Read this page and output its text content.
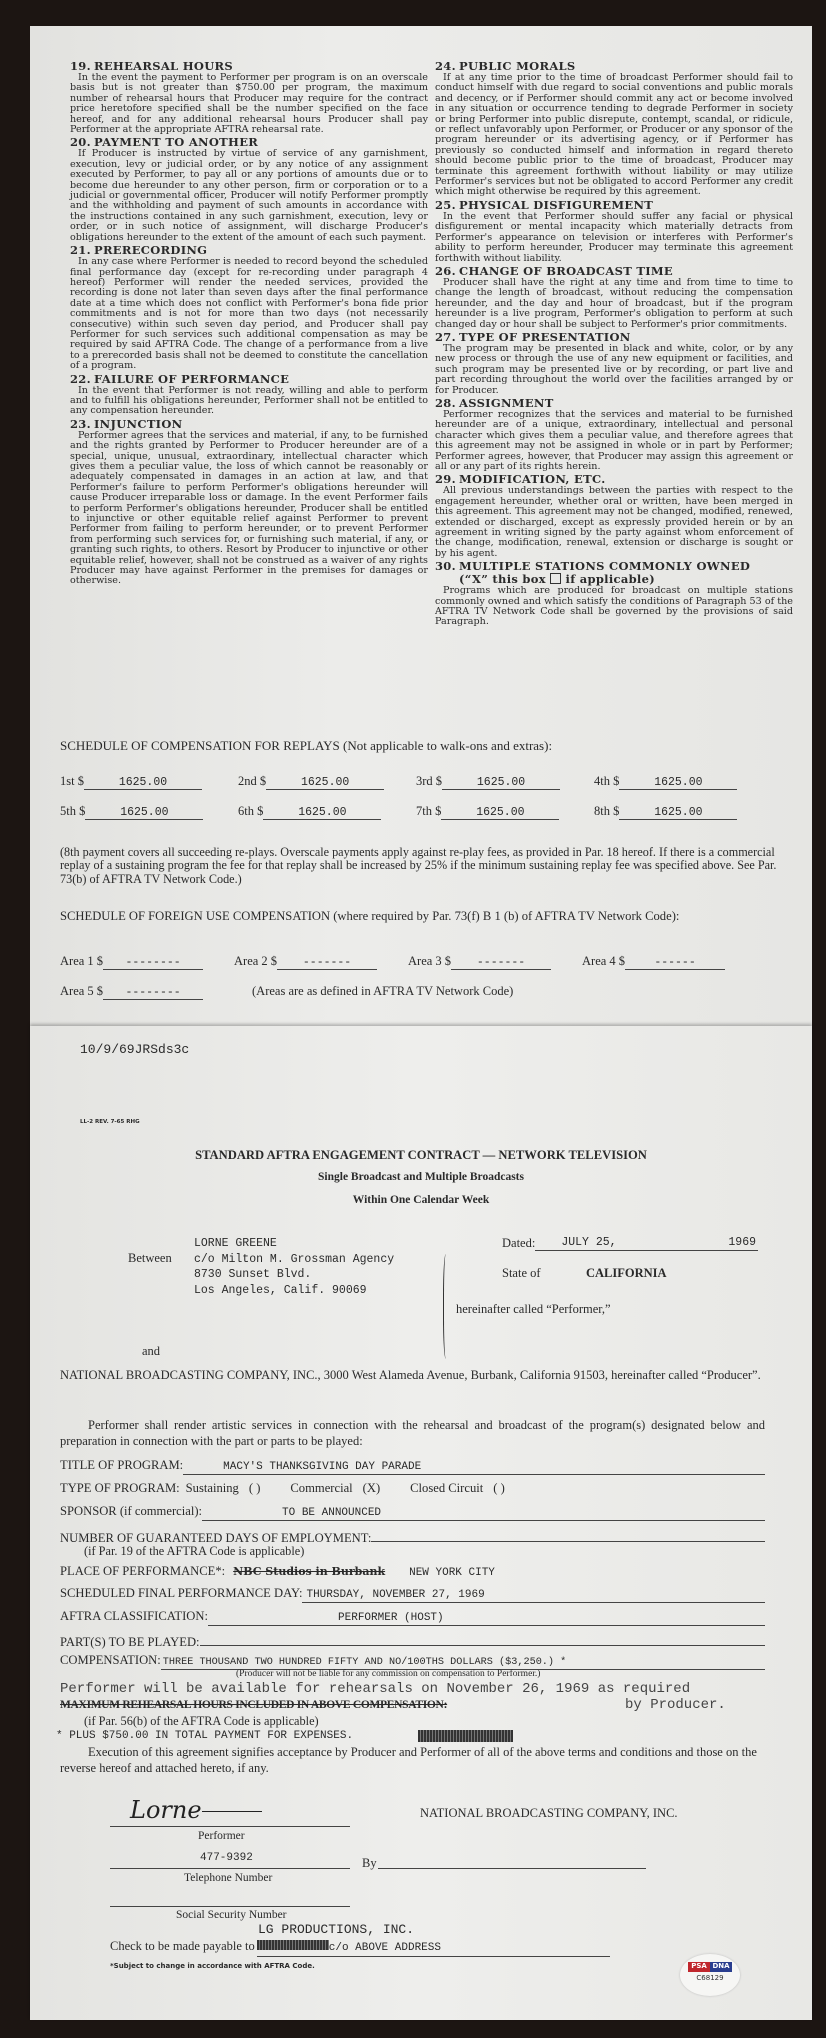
19. REHEARSAL HOURS

In the event the payment to Performer per program is on an overscale basis but is not greater than $750.00 per program, the maximum number of rehearsal hours that Producer may require for the contract price heretofore specified shall be the number specified on the face hereof, and for any additional rehearsal hours Producer shall pay Performer at the appropriate AFTRA rehearsal rate.

20. PAYMENT TO ANOTHER

If Producer is instructed by virtue of service of any garnishment, execution, levy or judicial order, or by any notice of any assignment executed by Performer, to pay all or any portions of amounts due or to become due hereunder to any other person, firm or corporation or to a judicial or governmental officer, Producer will notify Performer promptly and the withholding and payment of such amounts in accordance with the instructions contained in any such garnishment, execution, levy or order, or in such notice of assignment, will discharge Producer's obligations hereunder to the extent of the amount of each such payment.

21. PRERECORDING

In any case where Performer is needed to record beyond the scheduled final performance day (except for re-recording under paragraph 4 hereof) Performer will render the needed services, provided the recording is done not later than seven days after the final performance date at a time which does not conflict with Performer's bona fide prior commitments and is not for more than two days (not necessarily consecutive) within such seven day period, and Producer shall pay Performer for such services such additional compensation as may be required by said AFTRA Code. The change of a performance from a live to a prerecorded basis shall not be deemed to constitute the cancellation of a program.

22. FAILURE OF PERFORMANCE

In the event that Performer is not ready, willing and able to perform and to fulfill his obligations hereunder, Performer shall not be entitled to any compensation hereunder.

23. INJUNCTION

Performer agrees that the services and material, if any, to be furnished and the rights granted by Performer to Producer hereunder are of a special, unique, unusual, extraordinary, intellectual character which gives them a peculiar value, the loss of which cannot be reasonably or adequately compensated in damages in an action at law, and that Performer's failure to perform Performer's obligations hereunder will cause Producer irreparable loss or damage. In the event Performer fails to perform Performer's obligations hereunder, Producer shall be entitled to injunctive or other equitable relief against Performer to prevent Performer from failing to perform hereunder, or to prevent Performer from performing such services for, or furnishing such material, if any, or granting such rights, to others. Resort by Producer to injunctive or other equitable relief, however, shall not be construed as a waiver of any rights Producer may have against Performer in the premises for damages or otherwise.

24. PUBLIC MORALS

If at any time prior to the time of broadcast Performer should fail to conduct himself with due regard to social conventions and public morals and decency, or if Performer should commit any act or become involved in any situation or occurrence tending to degrade Performer in society or bring Performer into public disrepute, contempt, scandal, or ridicule, or reflect unfavorably upon Performer, or Producer or any sponsor of the program hereunder or its advertising agency, or if Performer has previously so conducted himself and information in regard thereto should become public prior to the time of broadcast, Producer may terminate this agreement forthwith without liability or may utilize Performer's services but not be obligated to accord Performer any credit which might otherwise be required by this agreement.

25. PHYSICAL DISFIGUREMENT

In the event that Performer should suffer any facial or physical disfigurement or mental incapacity which materially detracts from Performer's appearance on television or interferes with Performer's ability to perform hereunder, Producer may terminate this agreement forthwith without liability.

26. CHANGE OF BROADCAST TIME

Producer shall have the right at any time and from time to time to change the length of broadcast, without reducing the compensation hereunder, and the day and hour of broadcast, but if the program hereunder is a live program, Performer's obligation to perform at such changed day or hour shall be subject to Performer's prior commitments.

27. TYPE OF PRESENTATION

The program may be presented in black and white, color, or by any new process or through the use of any new equipment or facilities, and such program may be presented live or by recording, or part live and part recording throughout the world over the facilities arranged by or for Producer.

28. ASSIGNMENT

Performer recognizes that the services and material to be furnished hereunder are of a unique, extraordinary, intellectual and personal character which gives them a peculiar value, and therefore agrees that this agreement may not be assigned in whole or in part by Performer; Performer agrees, however, that Producer may assign this agreement or all or any part of its rights herein.

29. MODIFICATION, ETC.

All previous understandings between the parties with respect to the engagement hereunder, whether oral or written, have been merged in this agreement. This agreement may not be changed, modified, renewed, extended or discharged, except as expressly provided herein or by an agreement in writing signed by the party against whom enforcement of the change, modification, renewal, extension or discharge is sought or by his agent.

30. MULTIPLE STATIONS COMMONLY OWNED
(“X” this box if applicable)

Programs which are produced for broadcast on multiple stations commonly owned and which satisfy the conditions of Paragraph 53 of the AFTRA TV Network Code shall be governed by the provisions of said Paragraph.

SCHEDULE OF COMPENSATION FOR REPLAYS (Not applicable to walk-ons and extras):
(8th payment covers all succeeding re-plays. Overscale payments apply against re-play fees, as provided in Par. 18 hereof. If there is a commercial replay of a sustaining program the fee for that replay shall be increased by 25% if the minimum sustaining replay fee was specified above. See Par. 73(b) of AFTRA TV Network Code.)
SCHEDULE OF FOREIGN USE COMPENSATION (where required by Par. 73(f) B 1 (b) of AFTRA TV Network Code):
1st $	1625.00	2nd $	1625.00	3rd $	1625.00	4th $	1625.00
5th $	1625.00	6th $	1625.00	7th $	1625.00	8th $	1625.00
Area 1 $ --------	Area 2 $ -------	Area 3 $ -------	Area 4 $	------
Area 5 $ --------	(Areas are as defined in AFTRA TV Network Code)
10/9/69JRSds3c
LL-2 REV. 7-65 RHG
STANDARD AFTRA ENGAGEMENT CONTRACT — NETWORK TELEVISION
Single Broadcast and Multiple Broadcasts
Within One Calendar Week
Between
LORNE GREENE
c/o Milton M. Grossman Agency
8730 Sunset Blvd.
Los Angeles, Calif. 90069
Dated: JULY 25,	1969
State of	CALIFORNIA
hereinafter called “Performer,”
and
NATIONAL BROADCASTING COMPANY, INC., 3000 West Alameda Avenue, Burbank, California 91503, hereinafter called “Producer”.
Performer shall render artistic services in connection with the rehearsal and broadcast of the program(s) designated below and preparation in connection with the part or parts to be played:
TITLE OF PROGRAM:	MACY'S THANKSGIVING DAY PARADE
TYPE OF PROGRAM: Sustaining ( ) Commercial (X) Closed Circuit ( )
SPONSOR (if commercial):	TO BE ANNOUNCED
NUMBER OF GUARANTEED DAYS OF EMPLOYMENT:
(if Par. 19 of the AFTRA Code is applicable)
PLACE OF PERFORMANCE*: NBC Studios in Burbank NEW YORK CITY
SCHEDULED FINAL PERFORMANCE DAY: THURSDAY, NOVEMBER 27, 1969
AFTRA CLASSIFICATION:	PERFORMER (HOST)
PART(S) TO BE PLAYED:
COMPENSATION: THREE THOUSAND TWO HUNDRED FIFTY AND NO/100THS DOLLARS ($3,250.) *
(Producer will not be liable for any commission on compensation to Performer.)
Performer will be available for rehearsals on November 26, 1969 as required
MAXIMUM REHEARSAL HOURS INCLUDED IN ABOVE COMPENSATION:	by Producer.
(if Par. 56(b) of the AFTRA Code is applicable)
* PLUS $750.00 IN TOTAL PAYMENT FOR EXPENSES.
Execution of this agreement signifies acceptance by Producer and Performer of all of the above terms and conditions and those on the reverse hereof and attached hereto, if any.
NATIONAL BROADCASTING COMPANY, INC.
Lorne
Performer
477-9392
Telephone Number
By
Social Security Number
LG PRODUCTIONS, INC.
Check to be made payable to	c/o ABOVE ADDRESS
*Subject to change in accordance with AFTRA Code.	PSA DNA
C68129
